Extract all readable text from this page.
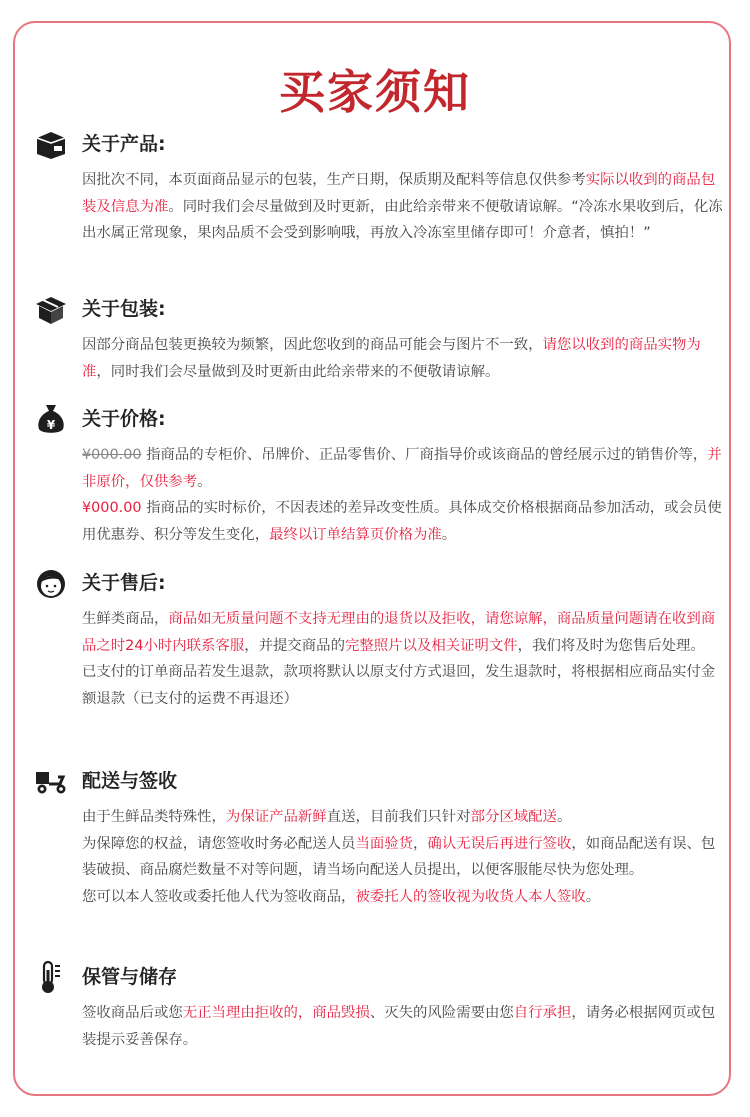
买家须知
关于产品:

因批次不同，本页面商品显示的包装，生产日期，保质期及配料等信息仅供参考实际以收到的商品包装及信息为准。同时我们会尽量做到及时更新，由此给亲带来不便敬请谅解。“冷冻水果收到后，化冻出水属正常现象，果肉品质不会受到影响哦，再放入冷冻室里储存即可！介意者，慎拍！”

关于包装:

因部分商品包装更换较为频繁，因此您收到的商品可能会与图片不一致，请您以收到的商品实物为准，同时我们会尽量做到及时更新由此给亲带来的不便敬请谅解。

¥ 关于价格:

¥000.00 指商品的专柜价、吊牌价、正品零售价、厂商指导价或该商品的曾经展示过的销售价等，并非原价，仅供参考。

¥000.00 指商品的实时标价，不因表述的差异改变性质。具体成交价格根据商品参加活动，或会员使用优惠券、积分等发生变化，最终以订单结算页价格为准。

关于售后:

生鲜类商品，商品如无质量问题不支持无理由的退货以及拒收，请您谅解，商品质量问题请在收到商品之时24小时内联系客服，并提交商品的完整照片以及相关证明文件，我们将及时为您售后处理。

已支付的订单商品若发生退款，款项将默认以原支付方式退回，发生退款时，将根据相应商品实付金额退款（已支付的运费不再退还）

配送与签收

由于生鲜品类特殊性，为保证产品新鲜直送，目前我们只针对部分区域配送。

为保障您的权益，请您签收时务必配送人员当面验货，确认无误后再进行签收，如商品配送有误、包装破损、商品腐烂数量不对等问题，请当场向配送人员提出，以便客服能尽快为您处理。

您可以本人签收或委托他人代为签收商品，被委托人的签收视为收货人本人签收。

保管与储存

签收商品后或您无正当理由拒收的，商品毁损、灭失的风险需要由您自行承担，请务必根据网页或包装提示妥善保存。
